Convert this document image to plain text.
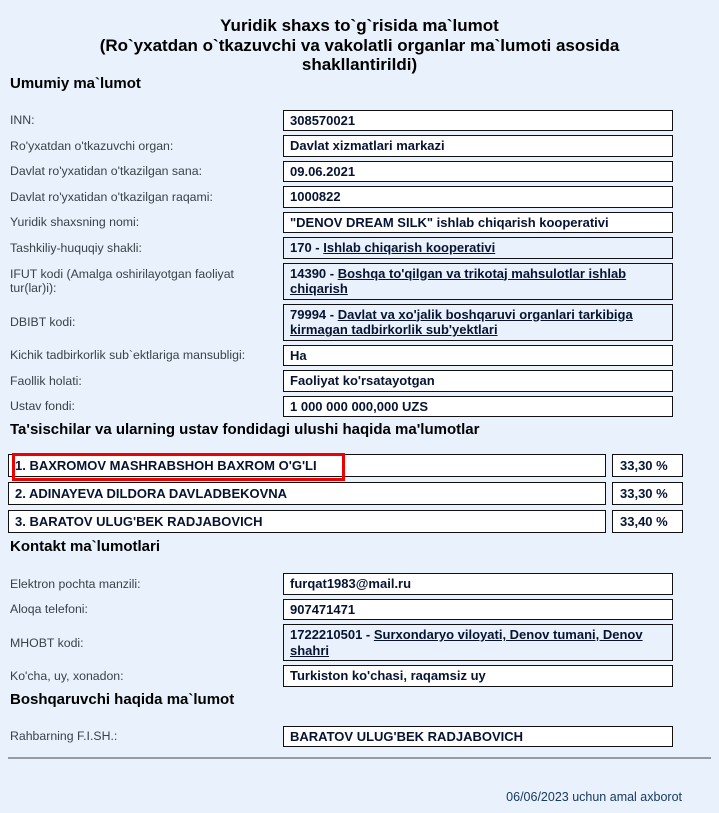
Yuridik shaxs to`g`risida ma`lumot
(Ro`yxatdan o`tkazuvchi va vakolatli organlar ma`lumoti asosida
shakllantirildi)
Umumiy ma`lumot
INN:	308570021
Ro'yxatdan o'tkazuvchi organ:	Davlat xizmatlari markazi
Davlat ro'yxatidan o'tkazilgan sana:	09.06.2021
Davlat ro'yxatidan o'tkazilgan raqami:	1000822
Yuridik shaxsning nomi:	"DENOV DREAM SILK" ishlab chiqarish kooperativi
Tashkiliy-huquqiy shakli:	170 - Ishlab chiqarish kooperativi
IFUT kodi (Amalga oshirilayotgan faoliyat tur(lar)i):
14390 - Boshqa to'qilgan va trikotaj mahsulotlar ishlab chiqarish
DBIBT kodi:
79994 - Davlat va xo'jalik boshqaruvi organlari tarkibiga kirmagan tadbirkorlik sub'yektlari
Kichik tadbirkorlik sub`ektlariga mansubligi:	Ha
Faollik holati:	Faoliyat ko'rsatayotgan
Ustav fondi:	1 000 000 000,000 UZS
Ta'sischilar va ularning ustav fondidagi ulushi haqida ma'lumotlar
1. BAXROMOV MASHRABSHOH BAXROM O'G'LI	33,30 %
2. ADINAYEVA DILDORA DAVLADBEKOVNA	33,30 %
3. BARATOV ULUG'BEK RADJABOVICH	33,40 %
Kontakt ma`lumotlari
Elektron pochta manzili:	furqat1983@mail.ru
Aloqa telefoni:	907471471
MHOBT kodi:
1722210501 - Surxondaryo viloyati, Denov tumani, Denov shahri
Ko'cha, uy, xonadon:	Turkiston ko'chasi, raqamsiz uy
Boshqaruvchi haqida ma`lumot
Rahbarning F.I.SH.:	BARATOV ULUG'BEK RADJABOVICH
06/06/2023 uchun amal axborot
